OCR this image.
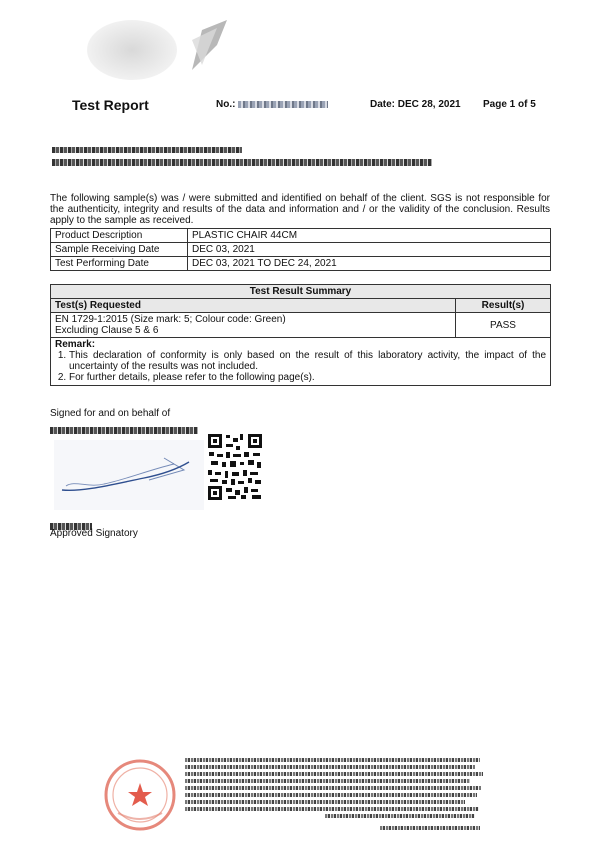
Test Report	No.:	Date: DEC 28, 2021 Page 1 of 5
The following sample(s) was / were submitted and identified on behalf of the client. SGS is not responsible for the authenticity, integrity and results of the data and information and / or the validity of the conclusion. Results apply to the sample as received.
Product Description	PLASTIC CHAIR 44CM
Sample Receiving Date	DEC 03, 2021
Test Performing Date	DEC 03, 2021 TO DEC 24, 2021
Test Result Summary	
Test(s) Requested	Result(s)

EN 1729-1:2015 (Size mark: 5; Colour code: Green)
Excluding Clause 5 & 6	PASS
Remark:
1. This declaration of conformity is only based on the result of this laboratory activity, the impact of the uncertainty of the results was not included.
2. For further details, please refer to the following page(s).
Signed for and on behalf of
Approved Signatory
